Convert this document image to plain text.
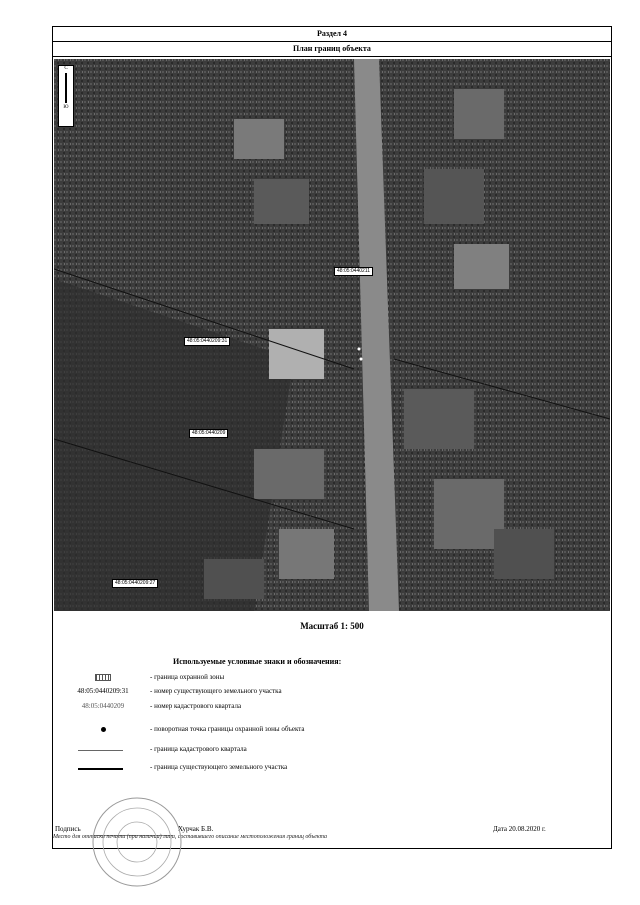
Раздел 4
План границ объекта
С
Ю
48:05:0440211
48:05:0440209:31
48:05:0440209
48:05:0440209:27
Масштаб 1: 500
Используемые условные знаки и обозначения:
- граница охранной зоны
48:05:0440209:31	- номер существующего земельного участка
48:05:0440209	- номер кадастрового квартала
- поворотная точка границы охранной зоны объекта
- граница кадастрового квартала
- граница существующего земельного участка
Подпись	Хурчак Б.В.	Дата 20.08.2020 г.
Место для оттиска печати (при наличии) лица, составившего описание местоположения границ объекта
